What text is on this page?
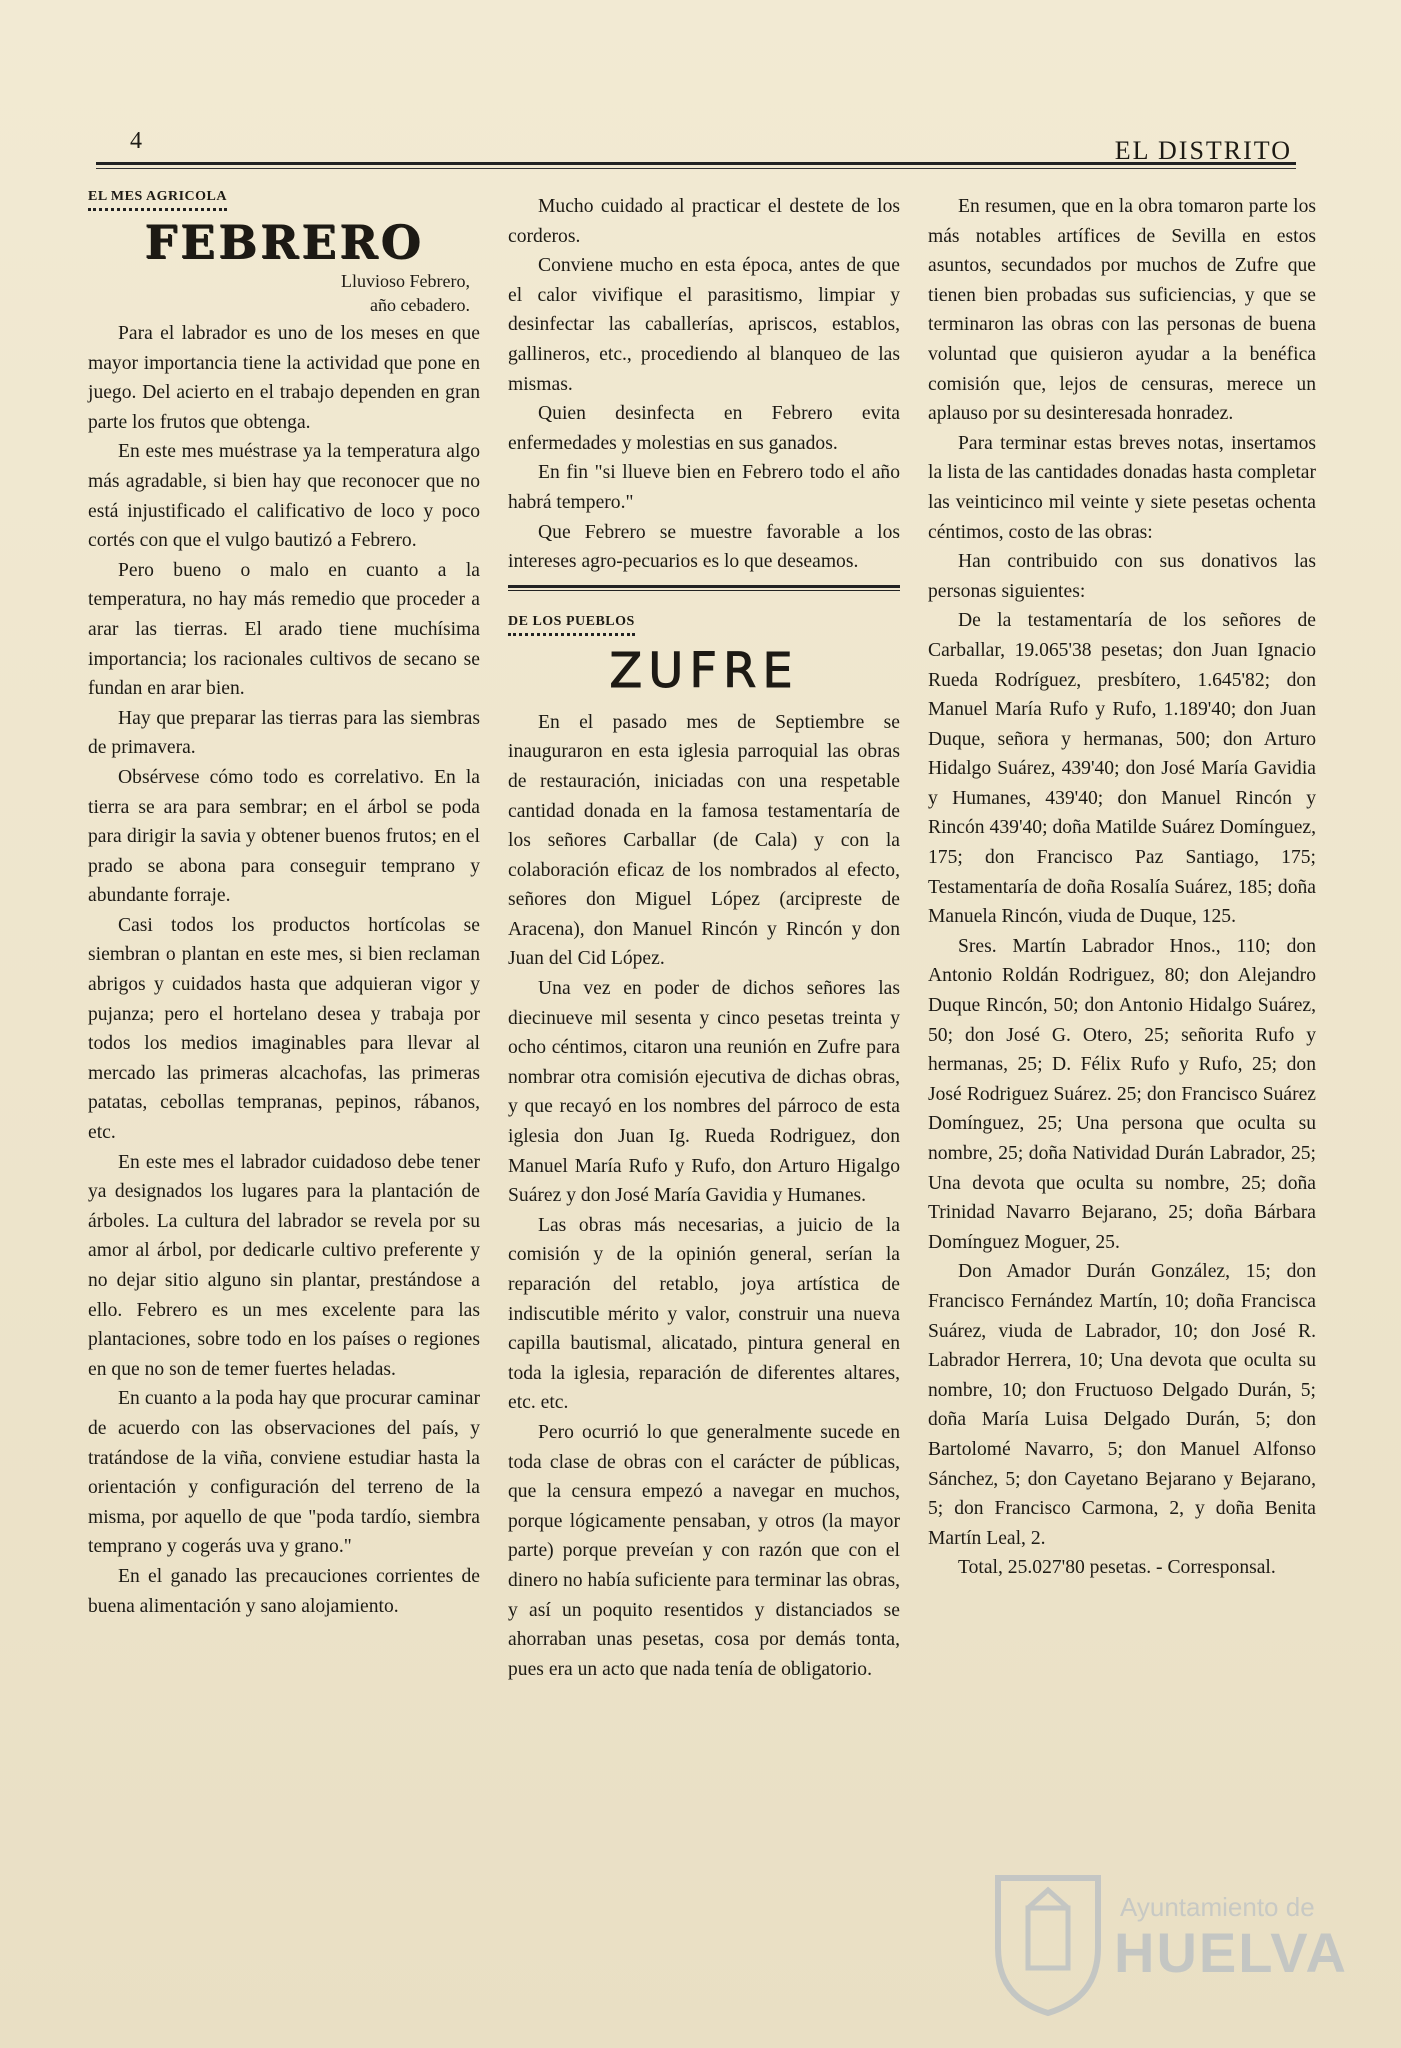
4	EL DISTRITO
EL MES AGRICOLA
FEBRERO
Lluvioso Febrero,
año cebadero.

Para el labrador es uno de los meses en que mayor importancia tiene la actividad que pone en juego. Del acierto en el trabajo dependen en gran parte los frutos que obtenga.

En este mes muéstrase ya la temperatura algo más agradable, si bien hay que reconocer que no está injustificado el calificativo de loco y poco cortés con que el vulgo bautizó a Febrero.

Pero bueno o malo en cuanto a la temperatura, no hay más remedio que proceder a arar las tierras. El arado tiene muchísima importancia; los racionales cultivos de secano se fundan en arar bien.

Hay que preparar las tierras para las siembras de primavera.

Obsérvese cómo todo es correlativo. En la tierra se ara para sembrar; en el árbol se poda para dirigir la savia y obtener buenos frutos; en el prado se abona para conseguir temprano y abundante forraje.

Casi todos los productos hortícolas se siembran o plantan en este mes, si bien reclaman abrigos y cuidados hasta que adquieran vigor y pujanza; pero el hortelano desea y trabaja por todos los medios imaginables para llevar al mercado las primeras alcachofas, las primeras patatas, cebollas tempranas, pepinos, rábanos, etc.

En este mes el labrador cuidadoso debe tener ya designados los lugares para la plantación de árboles. La cultura del labrador se revela por su amor al árbol, por dedicarle cultivo preferente y no dejar sitio alguno sin plantar, prestándose a ello. Febrero es un mes excelente para las plantaciones, sobre todo en los países o regiones en que no son de temer fuertes heladas.

En cuanto a la poda hay que procurar caminar de acuerdo con las observaciones del país, y tratándose de la viña, conviene estudiar hasta la orientación y configuración del terreno de la misma, por aquello de que "poda tardío, siembra temprano y cogerás uva y grano."

En el ganado las precauciones corrientes de buena alimentación y sano alojamiento.

Mucho cuidado al practicar el destete de los corderos.

Conviene mucho en esta época, antes de que el calor vivifique el parasitismo, limpiar y desinfectar las caballerías, apriscos, establos, gallineros, etc., procediendo al blanqueo de las mismas.

Quien desinfecta en Febrero evita enfermedades y molestias en sus ganados.

En fin "si llueve bien en Febrero todo el año habrá tempero."

Que Febrero se muestre favorable a los intereses agro-pecuarios es lo que deseamos.

DE LOS PUEBLOS
ZUFRE

En el pasado mes de Septiembre se inauguraron en esta iglesia parroquial las obras de restauración, iniciadas con una respetable cantidad donada en la famosa testamentaría de los señores Carballar (de Cala) y con la colaboración eficaz de los nombrados al efecto, señores don Miguel López (arcipreste de Aracena), don Manuel Rincón y Rincón y don Juan del Cid López.

Una vez en poder de dichos señores las diecinueve mil sesenta y cinco pesetas treinta y ocho céntimos, citaron una reunión en Zufre para nombrar otra comisión ejecutiva de dichas obras, y que recayó en los nombres del párroco de esta iglesia don Juan Ig. Rueda Rodriguez, don Manuel María Rufo y Rufo, don Arturo Higalgo Suárez y don José María Gavidia y Humanes.

Las obras más necesarias, a juicio de la comisión y de la opinión general, serían la reparación del retablo, joya artística de indiscutible mérito y valor, construir una nueva capilla bautismal, alicatado, pintura general en toda la iglesia, reparación de diferentes altares, etc. etc.

Pero ocurrió lo que generalmente sucede en toda clase de obras con el carácter de públicas, que la censura empezó a navegar en muchos, porque lógicamente pensaban, y otros (la mayor parte) porque preveían y con razón que con el dinero no había suficiente para terminar las obras, y así un poquito resentidos y distanciados se ahorraban unas pesetas, cosa por demás tonta, pues era un acto que nada tenía de obligatorio.

En resumen, que en la obra tomaron parte los más notables artífices de Sevilla en estos asuntos, secundados por muchos de Zufre que tienen bien probadas sus suficiencias, y que se terminaron las obras con las personas de buena voluntad que quisieron ayudar a la benéfica comisión que, lejos de censuras, merece un aplauso por su desinteresada honradez.

Para terminar estas breves notas, insertamos la lista de las cantidades donadas hasta completar las veinticinco mil veinte y siete pesetas ochenta céntimos, costo de las obras:

Han contribuido con sus donativos las personas siguientes:

De la testamentaría de los señores de Carballar, 19.065'38 pesetas; don Juan Ignacio Rueda Rodríguez, presbítero, 1.645'82; don Manuel María Rufo y Rufo, 1.189'40; don Juan Duque, señora y hermanas, 500; don Arturo Hidalgo Suárez, 439'40; don José María Gavidia y Humanes, 439'40; don Manuel Rincón y Rincón 439'40; doña Matilde Suárez Domínguez, 175; don Francisco Paz Santiago, 175; Testamentaría de doña Rosalía Suárez, 185; doña Manuela Rincón, viuda de Duque, 125.

Sres. Martín Labrador Hnos., 110; don Antonio Roldán Rodriguez, 80; don Alejandro Duque Rincón, 50; don Antonio Hidalgo Suárez, 50; don José G. Otero, 25; señorita Rufo y hermanas, 25; D. Félix Rufo y Rufo, 25; don José Rodriguez Suárez. 25; don Francisco Suárez Domínguez, 25; Una persona que oculta su nombre, 25; doña Natividad Durán Labrador, 25; Una devota que oculta su nombre, 25; doña Trinidad Navarro Bejarano, 25; doña Bárbara Domínguez Moguer, 25.

Don Amador Durán González, 15; don Francisco Fernández Martín, 10; doña Francisca Suárez, viuda de Labrador, 10; don José R. Labrador Herrera, 10; Una devota que oculta su nombre, 10; don Fructuoso Delgado Durán, 5; doña María Luisa Delgado Durán, 5; don Bartolomé Navarro, 5; don Manuel Alfonso Sánchez, 5; don Cayetano Bejarano y Bejarano, 5; don Francisco Carmona, 2, y doña Benita Martín Leal, 2.

Total, 25.027'80 pesetas. - Corresponsal.

Ayuntamiento de
HUELVA
